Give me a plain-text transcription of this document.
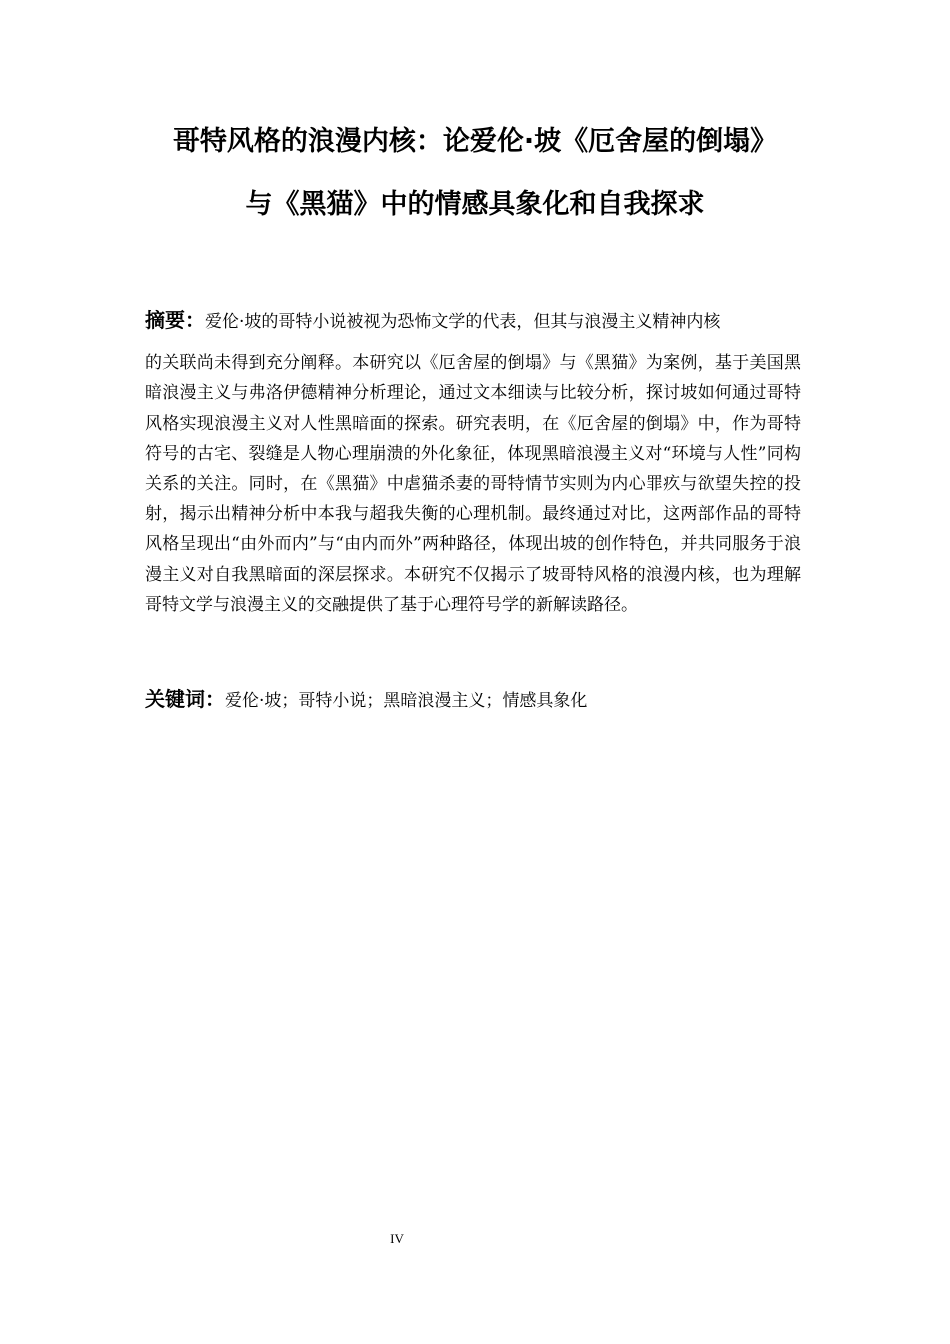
哥特风格的浪漫内核：论爱伦·坡《厄舍屋的倒塌》
与《黑猫》中的情感具象化和自我探求
摘要：爱伦·坡的哥特小说被视为恐怖文学的代表，但其与浪漫主义精神内核
的关联尚未得到充分阐释。本研究以《厄舍屋的倒塌》与《黑猫》为案例，基于美国黑暗浪漫主义与弗洛伊德精神分析理论，通过文本细读与比较分析，探讨坡如何通过哥特风格实现浪漫主义对人性黑暗面的探索。研究表明，在《厄舍屋的倒塌》中，作为哥特符号的古宅、裂缝是人物心理崩溃的外化象征，体现黑暗浪漫主义对“环境与人性”同构关系的关注。同时，在《黑猫》中虐猫杀妻的哥特情节实则为内心罪疚与欲望失控的投射，揭示出精神分析中本我与超我失衡的心理机制。最终通过对比，这两部作品的哥特风格呈现出“由外而内”与“由内而外”两种路径，体现出坡的创作特色，并共同服务于浪漫主义对自我黑暗面的深层探求。本研究不仅揭示了坡哥特风格的浪漫内核，也为理解哥特文学与浪漫主义的交融提供了基于心理符号学的新解读路径。
关键词：爱伦·坡；哥特小说；黑暗浪漫主义；情感具象化
IV
